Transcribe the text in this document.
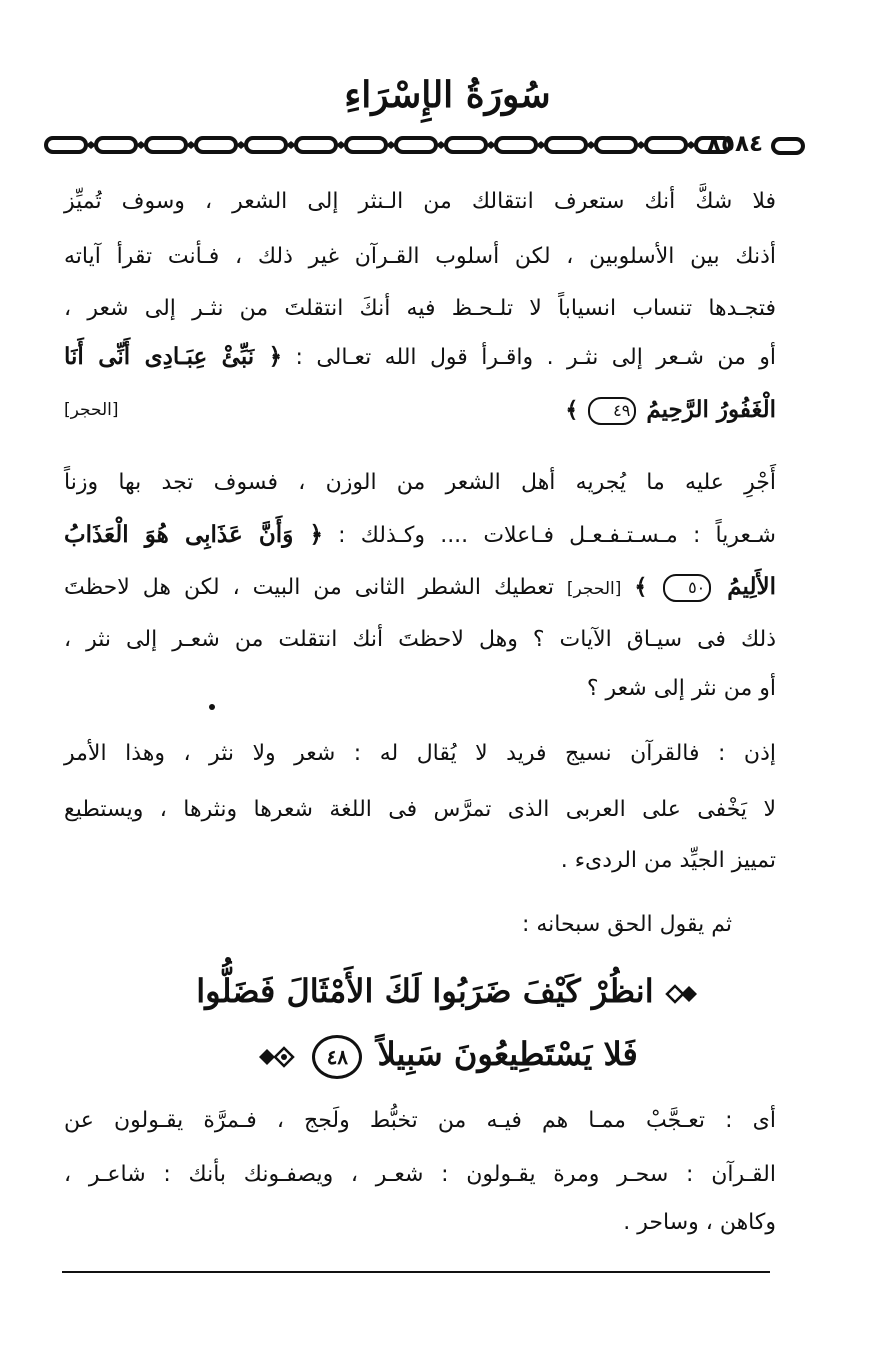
سُورَةُ الإِسْرَاءِ
٨٥٨٤
فلا شكَّ أنك ستعرف انتقالك من الـنثر إلى الشعر ، وسوف تُميِّز
أذنك بين الأسلوبين ، لكن أسلوب القـرآن غير ذلك ، فـأنت تقرأ آياته
فتجـدها تنساب انسياباً لا تلـحـظ فيه أنكَ انتقلتَ من نثـر إلى شعر ،
أو من شـعر إلى نثـر . واقـرأ قول الله تعـالى : ﴿ نَبِّئْ عِبَـادِى أَنِّى أَنَا
الْغَفُورُ الرَّحِيمُ ٤٩ ﴾
[الحجر]
أَجْرِ عليه ما يُجريه أهل الشعر من الوزن ، فسوف تجد بها وزناً
شـعرياً : مـسـتـفـعـل فـاعلات .... وكـذلك : ﴿ وَأَنَّ عَذَابِى هُوَ الْعَذَابُ
الأَلِيمُ ٥٠ ﴾ [الحجر] تعطيك الشطر الثانى من البيت ، لكن هل لاحظتَ
ذلك فى سيـاق الآيات ؟ وهل لاحظتَ أنك انتقلت من شعـر إلى نثر ،
أو من نثر إلى شعر ؟
إذن : فالقرآن نسيج فريد لا يُقال له : شعر ولا نثر ، وهذا الأمر
لا يَخْفى على العربى الذى تمرَّس فى اللغة شعرها ونثرها ، ويستطيع
تمييز الجيِّد من الردىء .
ثم يقول الحق سبحانه :
انظُرْ كَيْفَ ضَرَبُوا لَكَ الأَمْثَالَ فَضَلُّوا
فَلا يَسْتَطِيعُونَ سَبِيلاً ٤٨
أى : تعـجَّبْ ممـا هم فيـه من تخبُّط ولَجج ، فـمرَّة يقـولون عن
القـرآن : سحـر ومرة يقـولون : شعـر ، ويصفـونك بأنك : شاعـر ،
وكاهن ، وساحر .
